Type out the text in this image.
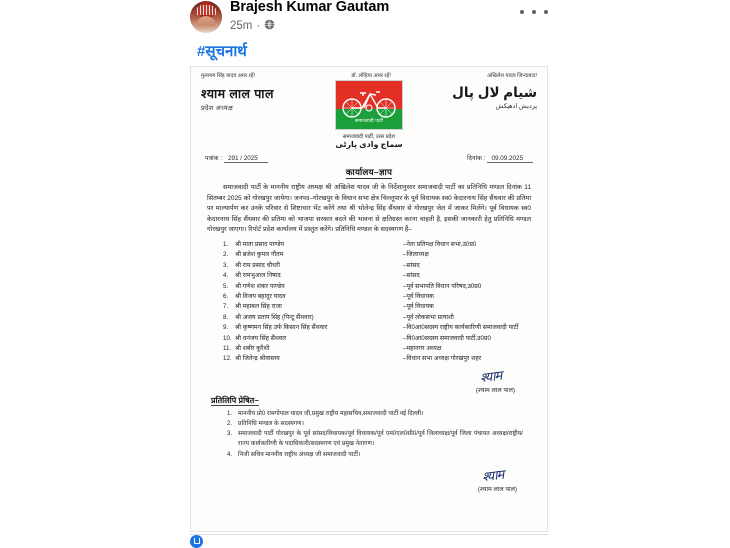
Brajesh Kumar Gautam
25m ·
#सूचनार्थ
मुलायम सिंह यादव अमर रहें!	डॉ. लोहिया अमर रहें!	अखिलेश यादव जिन्दाबाद!
श्याम लाल पाल
प्रदेश अध्यक्ष
समाजवादी पार्टी
समाजवादी पार्टी, उत्तर प्रदेश
سماج وادی پارٹی
شیام لال پال
پردیش ادھیکش
पत्रांक : 291 / 2025	दिनांक : 09.09.2025
कार्यालय–ज्ञाप
समाजवादी पार्टी के माननीय राष्ट्रीय अध्यक्ष श्री अखिलेश यादव जी के निर्देशानुसार समाजवादी पार्टी का प्रतिनिधि मण्डल दिनांक 11 सितम्बर 2025 को गोरखपुर जायेगा। जनपद–गोरखपुर के विधान सभा क्षेत्र चिल्लूपार के पूर्व विधायक स्व0 केदारनाथ सिंह सैंथवार की प्रतिमा पर माल्यार्पण कर उनके परिवार से शिष्टाचार भेंट करेंगे तथा श्री भोलेन्द्र सिंह सैंथवार से गोरखपुर जेल में जाकर मिलेंगे। पूर्व विधायक स्व0 केदारनाथ सिंह सैंथवार की प्रतिमा को भाजपा सरकार बदले की भावना से क्षतिग्रस्त करना चाहती है, इसकी जानकारी हेतु प्रतिनिधि मण्डल गोरखपुर जाएगा। रिपोर्ट प्रदेश कार्यालय में प्रस्तुत करेंगे। प्रतिनिधि मण्डल के सदस्यगण हैं–
1.	श्री माता प्रसाद पाण्डेय	–नेता प्रतिपक्ष विधान सभा,उ0प्र0
2.	श्री ब्रजेश कुमार गौतम	–जिलाध्यक्ष
3.	श्री राम प्रसाद चौधरी	–सांसद
4.	श्री रामभुआल निषाद	–सांसद
5.	श्री गणेश शंकर पाण्डेय	–पूर्व सभापति विधान परिषद,उ0प्र0
6.	श्री विजय बहादुर यादव	–पूर्व विधायक
7.	श्री महाबल सिंह राजा	–पूर्व विधायक
8.	श्री अजय प्रताप सिंह (पिन्टू सैंथवार)	–पूर्व लोकसभा प्रत्याशी
9.	श्री कृष्णमन सिंह उर्फ किसान सिंह सैंथवार	–वि0आ0सदस्य राष्ट्रीय कार्यकारिणी समाजवादी पार्टी
10. श्री धनंजय सिंह सैंथवार	–वि0आ0सदस्य समाजवादी पार्टी,उ0प्र0
11. श्री शबीर कुरैशी	–महानगर अध्यक्ष
12. श्री जितेन्द्र श्रीवास्तव	–विधान सभा अध्यक्ष गोरखपुर शहर
श्याम
(श्याम लाल पाल)
प्रतिलिपि प्रेषित–
1. माननीय प्रो0 रामगोपाल यादव जी,प्रमुख राष्ट्रीय महासचिव,समाजवादी पार्टी नई दिल्ली।
2. प्रतिनिधि मण्डल के सदस्यगण।
3. समाजवादी पार्टी गोरखपुर के पूर्व सांसद/विधायक/पूर्व विधायक/पूर्व एम0एल0सी0/पूर्व जिलाध्यक्ष/पूर्व जिला पंचायत अध्यक्ष/राष्ट्रीय/राज्य कार्यकारिणी के पदाधिकारी/सदस्यगण एवं प्रमुख नेतागण।
4. निजी सचिव माननीय राष्ट्रीय अध्यक्ष जी समाजवादी पार्टी।
श्याम
(श्याम लाल पाल)
